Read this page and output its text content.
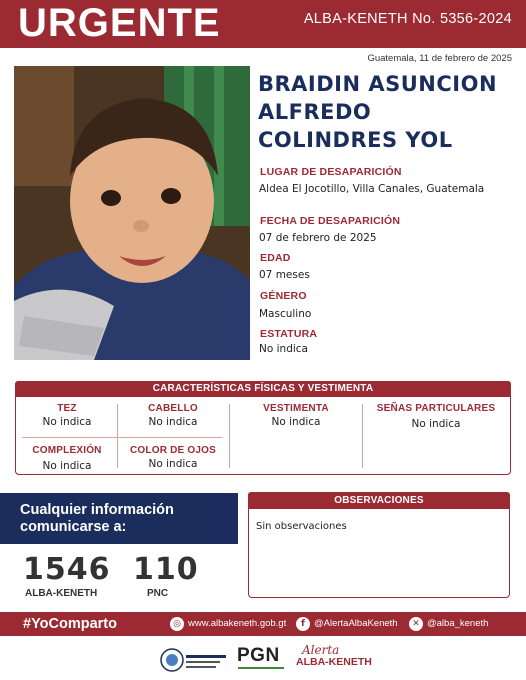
URGENTE	ALBA-KENETH No. 5356-2024
Guatemala, 11 de febrero de 2025
BRAIDIN ASUNCION
ALFREDO
COLINDRES YOL
LUGAR DE DESAPARICIÓN
Aldea El Jocotillo, Villa Canales, Guatemala
FECHA DE DESAPARICIÓN
07 de febrero de 2025
EDAD
07 meses
GÉNERO
Masculino
ESTATURA
No indica
CARACTERÍSTICAS FÍSICAS Y VESTIMENTA
TEZ
No indica
CABELLO
No indica
COMPLEXIÓN
No indica
COLOR DE OJOS
No indica
VESTIMENTA
No indica
SEÑAS PARTICULARES
No indica
Cualquier información
comunicarse a:
1546
ALBA-KENETH
110
PNC
OBSERVACIONES
Sin observaciones
#YoComparto	◎ www.albakeneth.gob.gt	f @AlertaAlbaKeneth	✕ @alba_keneth
PGN Alerta
ALBA-KENETH
